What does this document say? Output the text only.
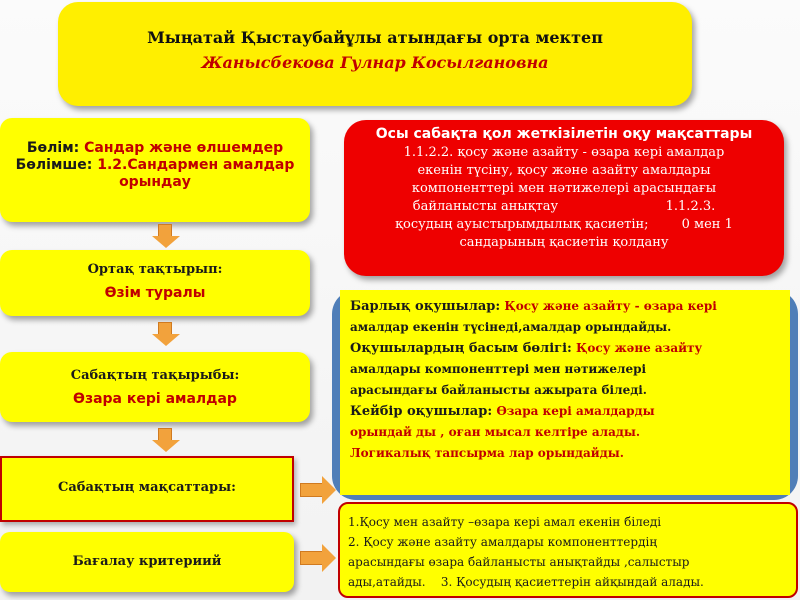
Мыңатай Қыстаубайұлы атындағы орта мектеп
Жанысбекова Гулнар Косылгановна
Бөлім: Сандар және өлшемдер
Бөлімше: 1.2.Сандармен амалдар орындау
Ортақ тақтырып:
Өзім туралы
Сабақтың тақырыбы:
Өзара кері амалдар
Сабақтың мақсаттары:
Бағалау критериий
Осы сабақта қол жеткізілетін оқу мақсаттары
1.1.2.2. қосу және азайту - өзара кері амалдар
екенін түсіну, қосу және азайту амалдары
компоненттері мен нәтижелері арасындағы
байланысты анықтау                          1.1.2.3.
қосудың ауыстырымдылық қасиетін;        0 мен 1
сандарының қасиетін қолдану
Барлық оқушылар: Қосу және азайту - өзара кері
амалдар екенін түсінеді,амалдар орындайды.
Оқушылардың басым бөлігі: Қосу және азайту
амалдары компоненттері мен нәтижелері
арасындағы байланысты ажырата біледі.
Кейбір оқушылар: Өзара кері амалдарды
орындай ды , оған мысал келтіре алады.
Логикалық тапсырма лар орындайды.
1.Қосу мен азайту –өзара кері амал екенін біледі
2. Қосу және азайту амалдары компоненттердің
арасындағы өзара байланысты анықтайды ,салыстыр
ады,атайды.    3. Қосудың қасиеттерін айқындай алады.
